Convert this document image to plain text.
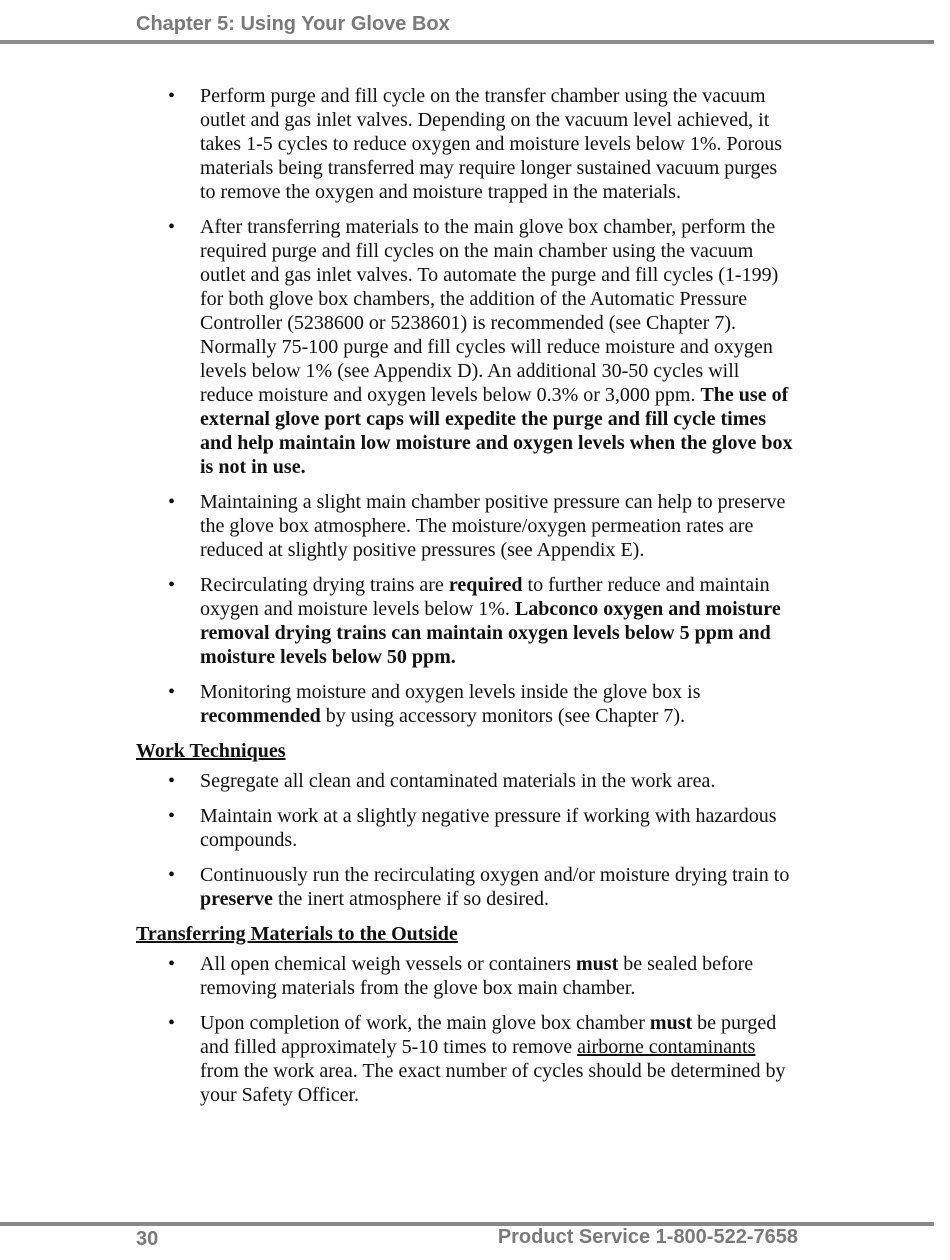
Chapter 5: Using Your Glove Box
• Perform purge and fill cycle on the transfer chamber using the vacuum outlet and gas inlet valves. Depending on the vacuum level achieved, it takes 1-5 cycles to reduce oxygen and moisture levels below 1%. Porous materials being transferred may require longer sustained vacuum purges to remove the oxygen and moisture trapped in the materials.
• After transferring materials to the main glove box chamber, perform the required purge and fill cycles on the main chamber using the vacuum outlet and gas inlet valves. To automate the purge and fill cycles (1-199) for both glove box chambers, the addition of the Automatic Pressure Controller (5238600 or 5238601) is recommended (see Chapter 7). Normally 75-100 purge and fill cycles will reduce moisture and oxygen levels below 1% (see Appendix D). An additional 30-50 cycles will reduce moisture and oxygen levels below 0.3% or 3,000 ppm. The use of external glove port caps will expedite the purge and fill cycle times and help maintain low moisture and oxygen levels when the glove box is not in use.
• Maintaining a slight main chamber positive pressure can help to preserve the glove box atmosphere. The moisture/oxygen permeation rates are reduced at slightly positive pressures (see Appendix E).
• Recirculating drying trains are required to further reduce and maintain oxygen and moisture levels below 1%. Labconco oxygen and moisture removal drying trains can maintain oxygen levels below 5 ppm and moisture levels below 50 ppm.
• Monitoring moisture and oxygen levels inside the glove box is recommended by using accessory monitors (see Chapter 7).
Work Techniques
• Segregate all clean and contaminated materials in the work area.
• Maintain work at a slightly negative pressure if working with hazardous compounds.
• Continuously run the recirculating oxygen and/or moisture drying train to preserve the inert atmosphere if so desired.
Transferring Materials to the Outside
• All open chemical weigh vessels or containers must be sealed before removing materials from the glove box main chamber.
• Upon completion of work, the main glove box chamber must be purged and filled approximately 5-10 times to remove airborne contaminants from the work area. The exact number of cycles should be determined by your Safety Officer.
30	Product Service 1-800-522-7658
